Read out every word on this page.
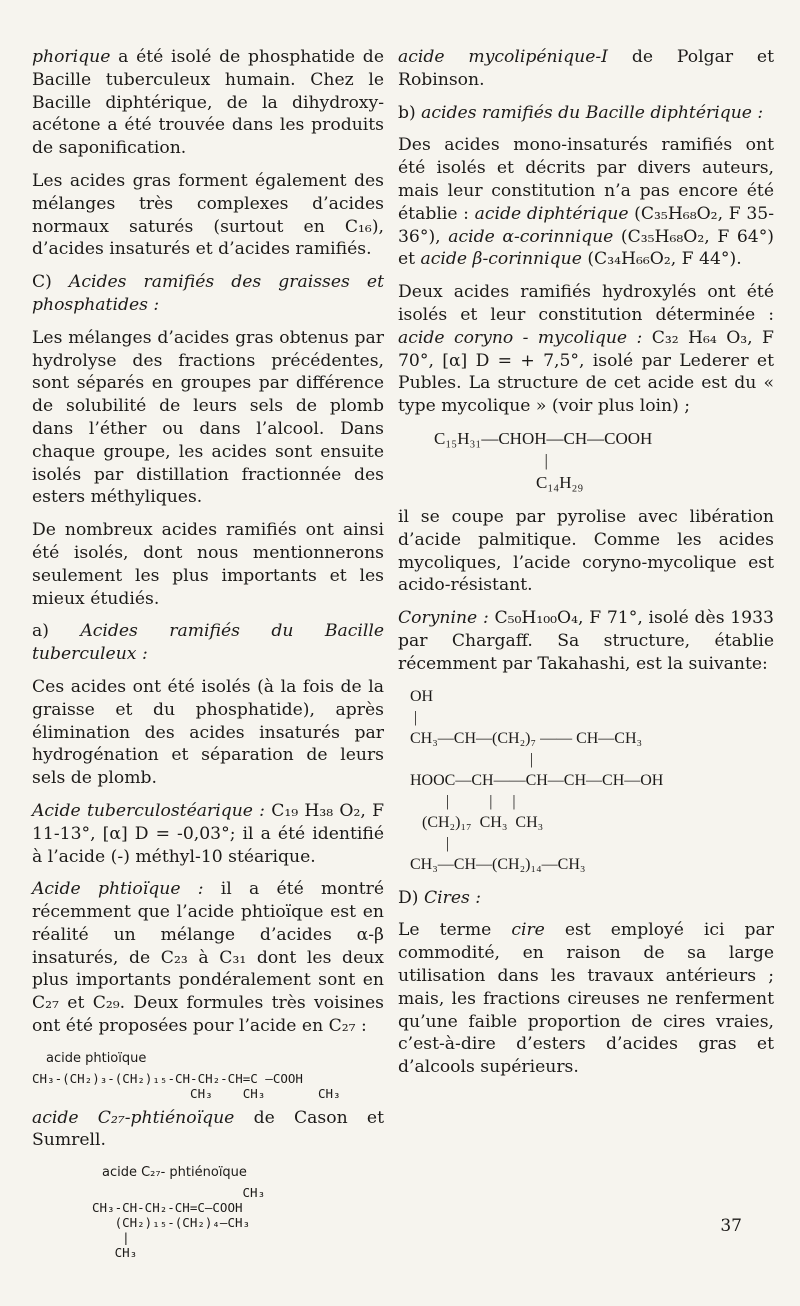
phorique a été isolé de phosphatide de Bacille tuberculeux humain. Chez le Bacille diphtérique, de la dihydroxy-acétone a été trouvée dans les produits de saponification.

Les acides gras forment également des mélanges très complexes d’acides normaux saturés (surtout en C₁₆), d’acides insaturés et d’acides ramifiés.

C) Acides ramifiés des graisses et phosphatides :

Les mélanges d’acides gras obtenus par hydrolyse des fractions précédentes, sont séparés en groupes par différence de solubilité de leurs sels de plomb dans l’éther ou dans l’alcool. Dans chaque groupe, les acides sont ensuite isolés par distillation fractionnée des esters méthyliques.

De nombreux acides ramifiés ont ainsi été isolés, dont nous mentionnerons seulement les plus importants et les mieux étudiés.

a) Acides ramifiés du Bacille tuberculeux :

Ces acides ont été isolés (à la fois de la graisse et du phosphatide), après élimination des acides insaturés par hydrogénation et séparation de leurs sels de plomb.

Acide tuberculostéarique : C₁₉ H₃₈ O₂, F 11-13°, [α] D = -0,03°; il a été identifié à l’acide (-) méthyl-10 stéarique.

Acide phtioïque : il a été montré récemment que l’acide phtioïque est en réalité un mélange d’acides α-β insaturés, de C₂₃ à C₃₁ dont les deux plus importants pondéralement sont en C₂₇ et C₂₉. Deux formules très voisines ont été proposées pour l’acide en C₂₇ :

acide phtioïque
CH₃-(CH₂)₃-(CH₂)₁₅-CH-CH₂-CH=C —COOH
CH₃    CH₃       CH₃

acide C₂₇-phtiénoïque de Cason et Sumrell.

acide C₂₇- phtiénoïque
CH₃
CH₃-CH-CH₂-CH=C—COOH
(CH₂)₁₅-(CH₂)₄—CH₃
|
CH₃

acide mycolipénique-I de Polgar et Robinson.

b) acides ramifiés du Bacille diphtérique :

Des acides mono-insaturés ramifiés ont été isolés et décrits par divers auteurs, mais leur constitution n’a pas encore été établie : acide diphtérique (C₃₅H₆₈O₂, F 35-36°), acide α-corinnique (C₃₅H₆₈O₂, F 64°) et acide β-corinnique (C₃₄H₆₆O₂, F 44°).

Deux acides ramifiés hydroxylés ont été isolés et leur constitution déterminée : acide coryno - mycolique : C₃₂ H₆₄ O₃, F 70°, [α] D = + 7,5°, isolé par Lederer et Publes. La structure de cet acide est du « type mycolique » (voir plus loin) ;

C₁₅H₃₁—CHOH—CH—COOH
|
C₁₄H₂₉

il se coupe par pyrolise avec libération d’acide palmitique. Comme les acides mycoliques, l’acide coryno-mycolique est acido-résistant.

Corynine : C₅₀H₁₀₀O₄, F 71°, isolé dès 1933 par Chargaff. Sa structure, établie récemment par Takahashi, est la suivante:

OH
|
CH₃—CH—(CH₂)₇ —— CH—CH₃
|
HOOC—CH——CH—CH—CH—OH
|          |     |
(CH₂)₁₇  CH₃  CH₃
|
CH₃—CH—(CH₂)₁₄—CH₃

D) Cires :

Le terme cire est employé ici par commodité, en raison de sa large utilisation dans les travaux antérieurs ; mais, les fractions cireuses ne renferment qu’une faible proportion de cires vraies, c’est-à-dire d’esters d’acides gras et d’alcools supérieurs.

37
